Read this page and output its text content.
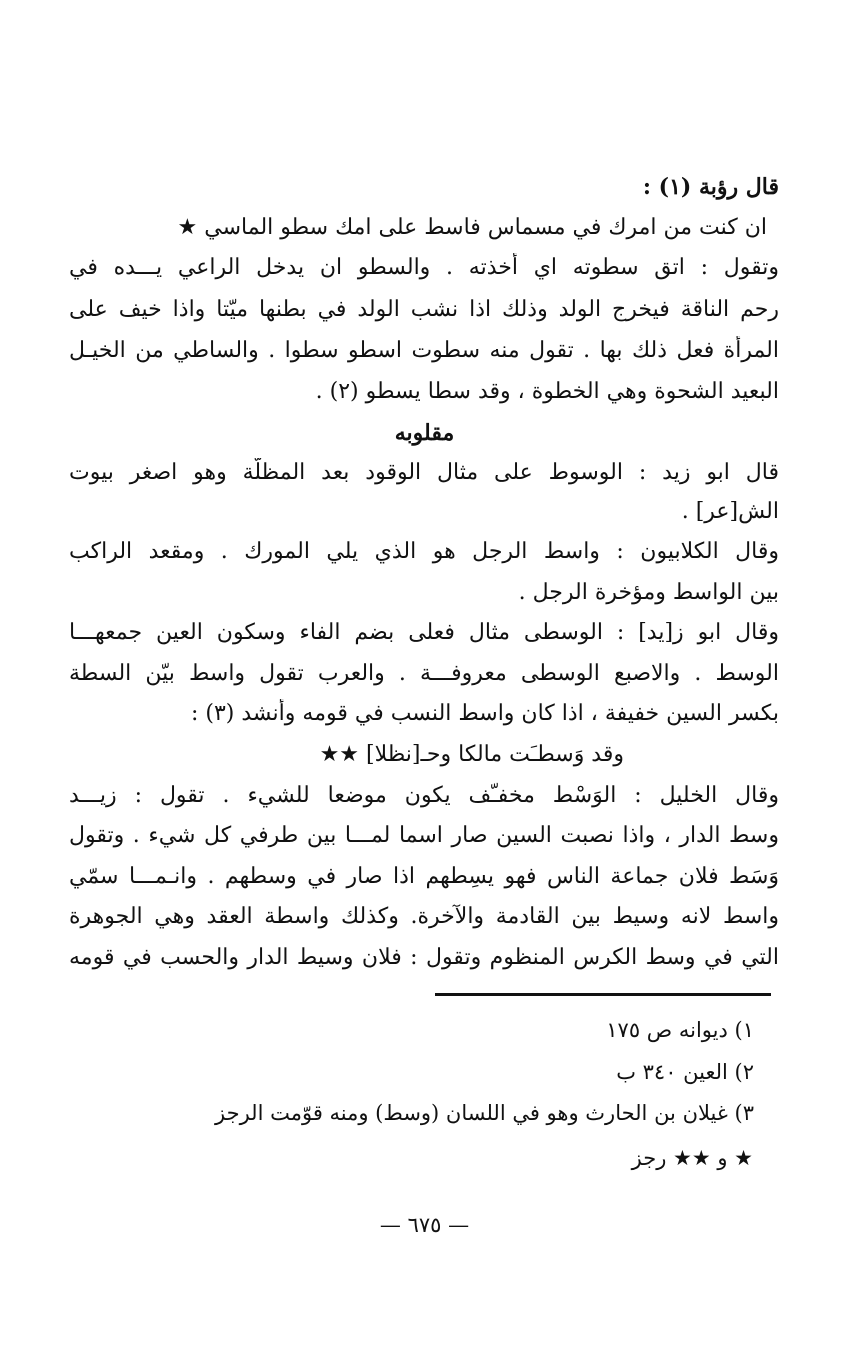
قال رؤبة (١) :
ان كنت من امرك في مسماس فاسط على امك سطو الماسي ★
وتقول : اتق سطوته اي أخذته . والسطو ان يدخل الراعي يـــده في
رحم الناقة فيخرج الولد وذلك اذا نشب الولد في بطنها ميّتا واذا خيف على
المرأة فعل ذلك بها . تقول منه سطوت اسطو سطوا . والساطي من الخيـل
البعيد الشحوة وهي الخطوة ، وقد سطا يسطو (٢) .
مقلوبه
قال ابو زيد : الوسوط على مثال الوقود بعد المظلّة وهو اصغر بيوت
الش[عر] .
وقال الكلابيون : واسط الرجل هو الذي يلي المورك . ومقعد الراكب
بين الواسط ومؤخرة الرجل .
وقال ابو ز[يد] : الوسطى مثال فعلى بضم الفاء وسكون العين جمعهـــا
الوسط . والاصبع الوسطى معروفـــة . والعرب تقول واسط بيّن السطة
بكسر السين خفيفة ، اذا كان واسط النسب في قومه وأنشد (٣) :
وقد وَسطـَت مالكا وحـ[نظلا] ★★
وقال الخليل : الوَسْط مخفـّف يكون موضعا للشيء . تقول : زيـــد
وسط الدار ، واذا نصبت السين صار اسما لمـــا بين طرفي كل شيء . وتقول
وَسَط فلان جماعة الناس فهو يسِطهم اذا صار في وسطهم . وانـمـــا سمّي
واسط لانه وسيط بين القادمة والآخرة. وكذلك واسطة العقد وهي الجوهرة
التي في وسط الكرس المنظوم وتقول : فلان وسيط الدار والحسب في قومه
١) ديوانه ص ١٧٥
٢) العين ٣٤٠ ب
٣) غيلان بن الحارث وهو في اللسان (وسط) ومنه قوّمت الرجز
★ و ★★ رجز
— ٦٧٥ —
